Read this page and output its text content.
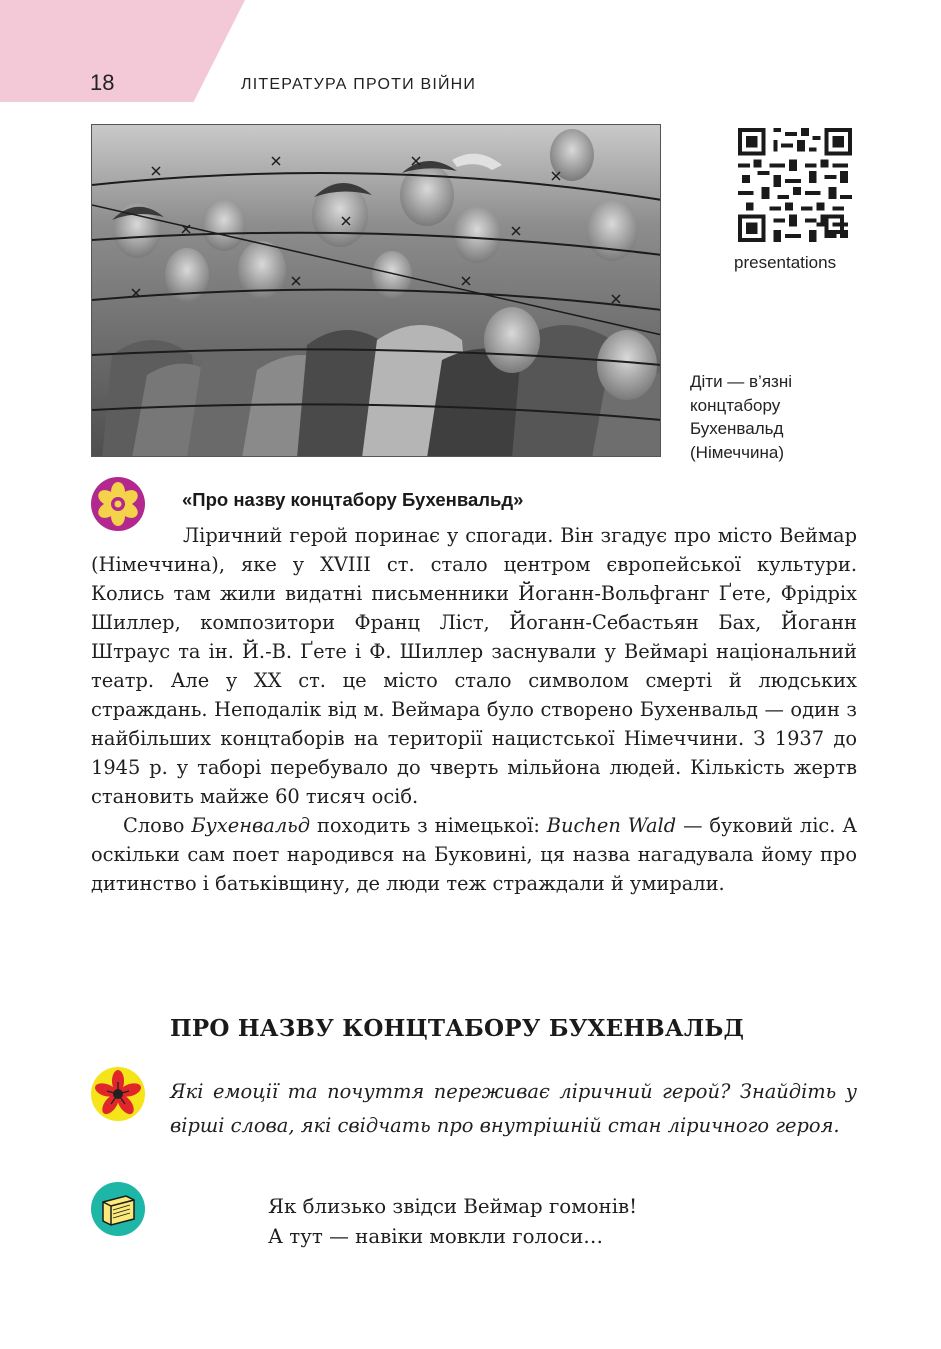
18	ЛІТЕРАТУРА ПРОТИ ВІЙНИ
presentations
Діти — в’язні
концтабору
Бухенвальд
(Німеччина)
«Про назву концтабору Бухенвальд»

Ліричний герой поринає у спогади. Він згадує про місто Веймар (Німеччина), яке у XVIII ст. стало центром європейської культури. Колись там жили видатні письменники Йоганн-Вольфганг Ґете, Фрідріх Шиллер, композитори Франц Ліст, Йоганн-Себастьян Бах, Йоганн Штраус та ін. Й.-В. Ґете і Ф. Шиллер заснували у Веймарі національний театр. Але у XX ст. це місто стало символом смерті й людських страждань. Неподалік від м. Веймара було створено Бухенвальд — один з найбільших концтаборів на території нацистської Німеччини. З 1937 до 1945 р. у таборі перебувало до чверть мільйона людей. Кількість жертв становить майже 60 тисяч осіб.

Слово Бухенвальд походить з німецької: Buchen Wald — буковий ліс. А оскільки сам поет народився на Буковині, ця назва нагадувала йому про дитинство і батьківщину, де люди теж страждали й умирали.

ПРО НАЗВУ КОНЦТАБОРУ БУХЕНВАЛЬД

Які емоції та почуття переживає ліричний герой? Знайдіть у вірші слова, які свідчать про внутрішній стан ліричного героя.

Як близько звідси Веймар гомонів!
А тут — навіки мовкли голоси…
